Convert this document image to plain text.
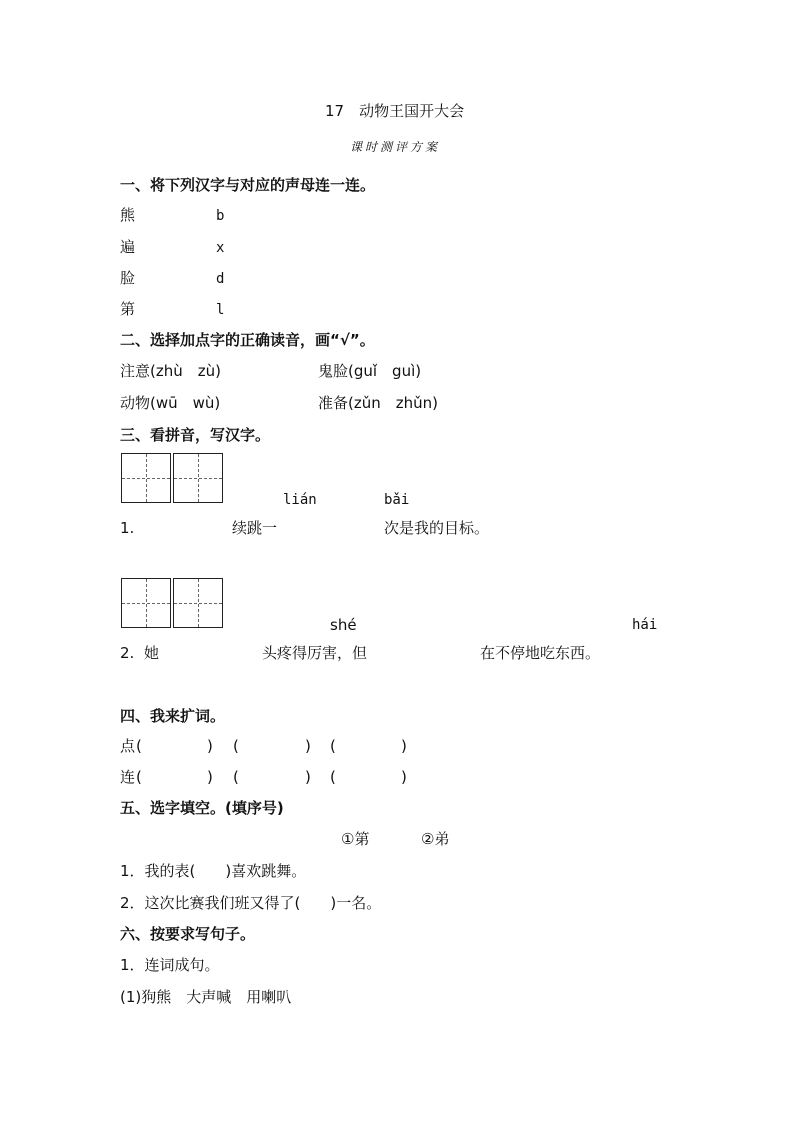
17　动物王国开大会
课时测评方案
一、将下列汉字与对应的声母连一连。
熊	b
遍	x
脸	d
第	l
二、选择加点字的正确读音，画“√”。
注意(zhù　zù)	鬼脸(guǐ　guì)
动物(wū　wù)	准备(zǔn　zhǔn)
三、看拼音，写汉字。
lián	bǎi
1.	续跳一	次是我的目标。
shé	hái
2. 她	头疼得厉害，但	在不停地吃东西。
四、我来扩词。
点 (	) (	) (	)
连 (	) (	) (	)
五、选字填空。(填序号)
①第	②弟
1．我的表(　　)喜欢跳舞。
2．这次比赛我们班又得了(　　)一名。
六、按要求写句子。
1．连词成句。
(1)狗熊　大声喊　用喇叭
